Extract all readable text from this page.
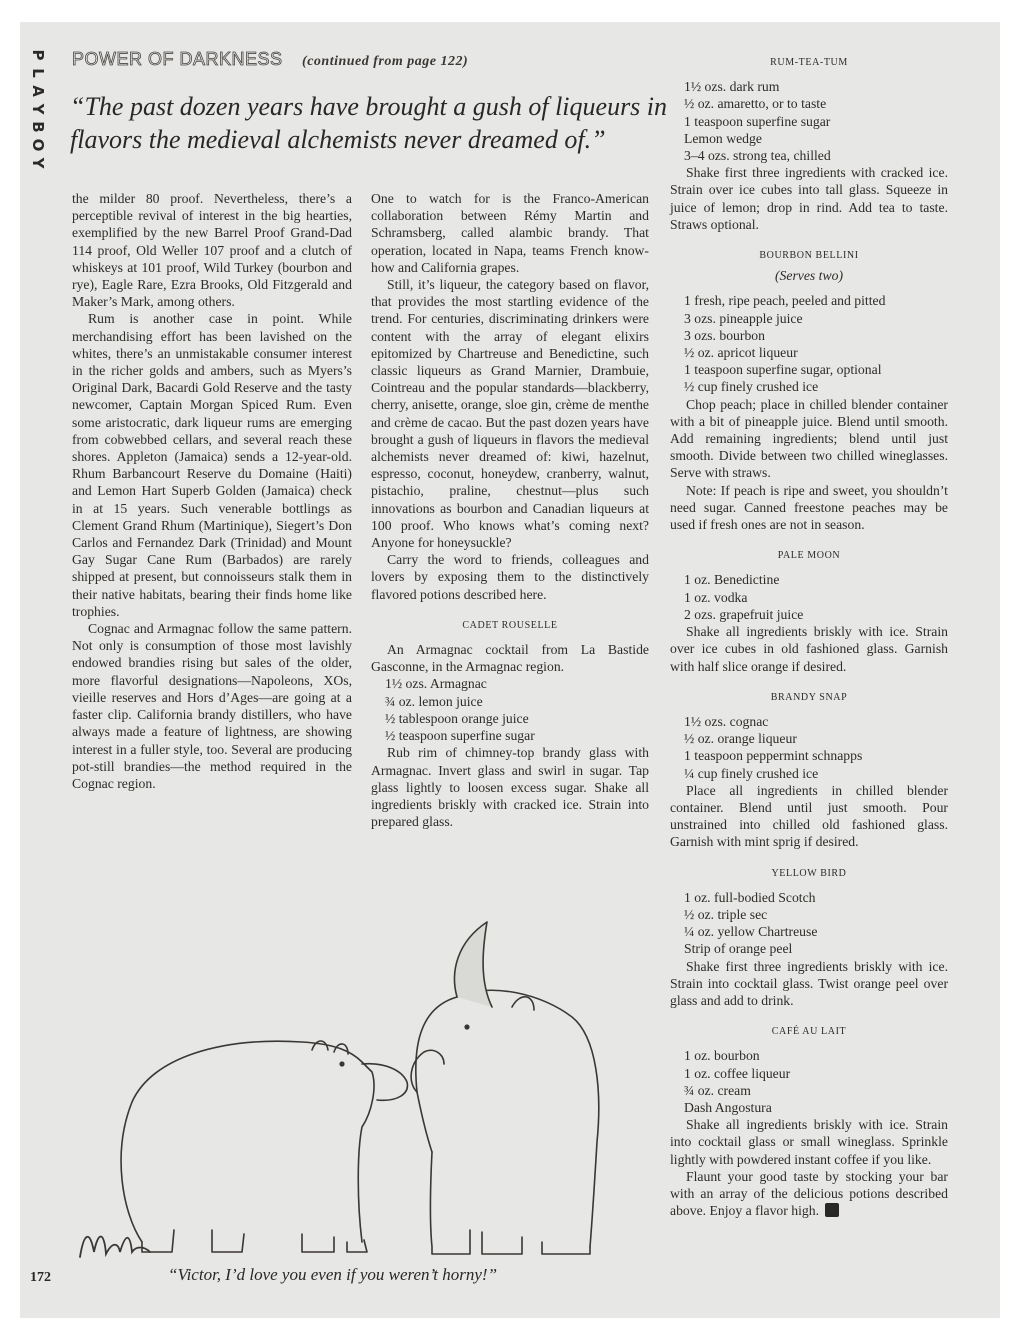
P
L
A
Y
B
O
Y
POWER OF DARKNESS (continued from page 122)
“The past dozen years have brought a gush of liqueurs in flavors the medieval alchemists never dreamed of.”

the milder 80 proof. Nevertheless, there’s a perceptible revival of interest in the big hearties, exemplified by the new Barrel Proof Grand-Dad 114 proof, Old Weller 107 proof and a clutch of whiskeys at 101 proof, Wild Turkey (bourbon and rye), Eagle Rare, Ezra Brooks, Old Fitzgerald and Maker’s Mark, among others.

Rum is another case in point. While merchandising effort has been lavished on the whites, there’s an unmistakable consumer interest in the richer golds and ambers, such as Myers’s Original Dark, Bacardi Gold Reserve and the tasty newcomer, Captain Morgan Spiced Rum. Even some aristocratic, dark liqueur rums are emerging from cobwebbed cellars, and several reach these shores. Appleton (Jamaica) sends a 12-year-old. Rhum Barbancourt Reserve du Domaine (Haiti) and Lemon Hart Superb Golden (Jamaica) check in at 15 years. Such venerable bottlings as Clement Grand Rhum (Martinique), Siegert’s Don Carlos and Fernandez Dark (Trinidad) and Mount Gay Sugar Cane Rum (Barbados) are rarely shipped at present, but connoisseurs stalk them in their native habitats, bearing their finds home like trophies.

Cognac and Armagnac follow the same pattern. Not only is consumption of those most lavishly endowed brandies rising but sales of the older, more flavorful designations—Napoleons, XOs, vieille reserves and Hors d’Ages—are going at a faster clip. California brandy distillers, who have always made a feature of lightness, are showing interest in a fuller style, too. Several are producing pot-still brandies—the method required in the Cognac region.

One to watch for is the Franco-American collaboration between Rémy Martin and Schramsberg, called alambic brandy. That operation, located in Napa, teams French know-how and California grapes.

Still, it’s liqueur, the category based on flavor, that provides the most startling evidence of the trend. For centuries, discriminating drinkers were content with the array of elegant elixirs epitomized by Chartreuse and Benedictine, such classic liqueurs as Grand Marnier, Drambuie, Cointreau and the popular standards—blackberry, cherry, anisette, orange, sloe gin, crème de menthe and crème de cacao. But the past dozen years have brought a gush of liqueurs in flavors the medieval alchemists never dreamed of: kiwi, hazelnut, espresso, coconut, honeydew, cranberry, walnut, pistachio, praline, chestnut—plus such innovations as bourbon and Canadian liqueurs at 100 proof. Who knows what’s coming next? Anyone for honeysuckle?

Carry the word to friends, colleagues and lovers by exposing them to the distinctively flavored potions described here.

CADET ROUSELLE

An Armagnac cocktail from La Bastide Gasconne, in the Armagnac region.

1½ ozs. Armagnac

¾ oz. lemon juice

½ tablespoon orange juice

½ teaspoon superfine sugar

Rub rim of chimney-top brandy glass with Armagnac. Invert glass and swirl in sugar. Tap glass lightly to loosen excess sugar. Shake all ingredients briskly with cracked ice. Strain into prepared glass.

RUM-TEA-TUM

1½ ozs. dark rum

½ oz. amaretto, or to taste

1 teaspoon superfine sugar

Lemon wedge

3–4 ozs. strong tea, chilled

Shake first three ingredients with cracked ice. Strain over ice cubes into tall glass. Squeeze in juice of lemon; drop in rind. Add tea to taste. Straws optional.

BOURBON BELLINI
(Serves two)

1 fresh, ripe peach, peeled and pitted

3 ozs. pineapple juice

3 ozs. bourbon

½ oz. apricot liqueur

1 teaspoon superfine sugar, optional

½ cup finely crushed ice

Chop peach; place in chilled blender container with a bit of pineapple juice. Blend until smooth. Add remaining ingredients; blend until just smooth. Divide between two chilled wineglasses. Serve with straws.

Note: If peach is ripe and sweet, you shouldn’t need sugar. Canned freestone peaches may be used if fresh ones are not in season.

PALE MOON

1 oz. Benedictine

1 oz. vodka

2 ozs. grapefruit juice

Shake all ingredients briskly with ice. Strain over ice cubes in old fashioned glass. Garnish with half slice orange if desired.

BRANDY SNAP

1½ ozs. cognac

½ oz. orange liqueur

1 teaspoon peppermint schnapps

¼ cup finely crushed ice

Place all ingredients in chilled blender container. Blend until just smooth. Pour unstrained into chilled old fashioned glass. Garnish with mint sprig if desired.

YELLOW BIRD

1 oz. full-bodied Scotch

½ oz. triple sec

¼ oz. yellow Chartreuse

Strip of orange peel

Shake first three ingredients briskly with ice. Strain into cocktail glass. Twist orange peel over glass and add to drink.

CAFÉ AU LAIT

1 oz. bourbon

1 oz. coffee liqueur

¾ oz. cream

Dash Angostura

Shake all ingredients briskly with ice. Strain into cocktail glass or small wineglass. Sprinkle lightly with powdered instant coffee if you like.

Flaunt your good taste by stocking your bar with an array of the delicious potions described above. Enjoy a flavor high.

“Victor, I’d love you even if you weren’t horny!”
172
